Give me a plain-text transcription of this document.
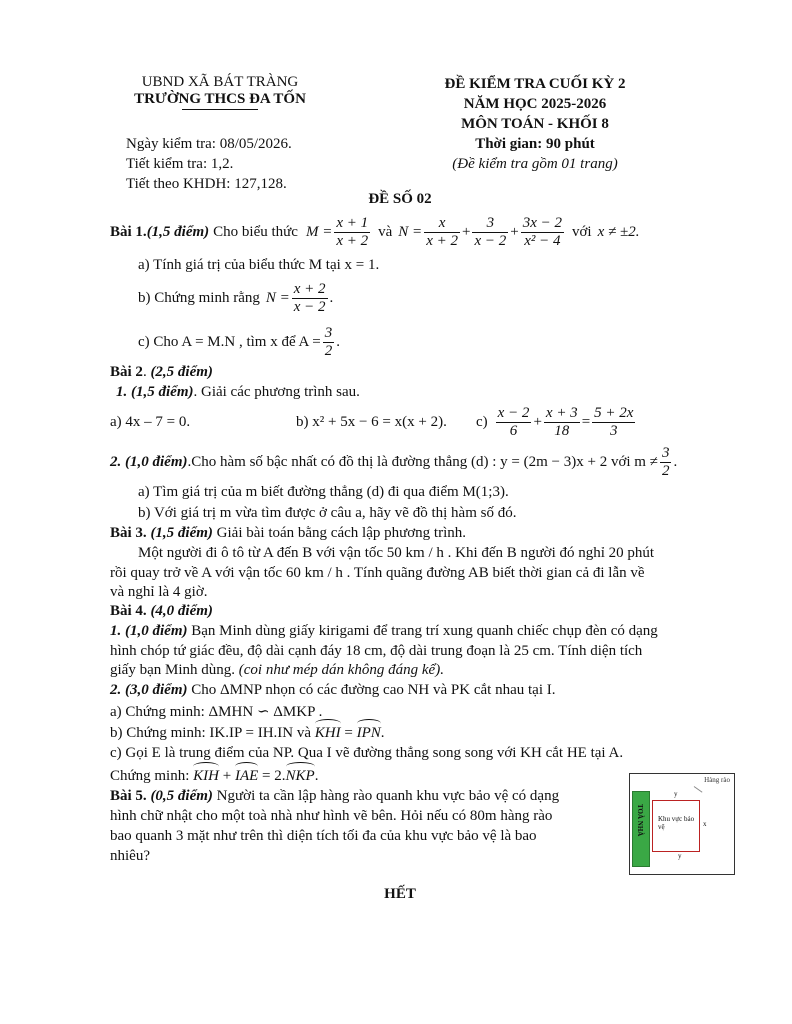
UBND XÃ BÁT TRÀNG
TRƯỜNG THCS ĐA TỐN
ĐỀ KIỂM TRA CUỐI KỲ 2
NĂM HỌC 2025-2026
MÔN TOÁN - KHỐI 8
Thời gian: 90 phút
(Đề kiểm tra gồm 01 trang)
Ngày kiểm tra: 08/05/2026.
Tiết kiểm tra: 1,2.
Tiết theo KHDH: 127,128.
ĐỀ SỐ 02
Bài 1. (1,5 điểm) Cho biểu thức $M = \frac{x + 1}{x + 2}$ và $N = \frac{x}{x + 2}$ +
3
x − 2
+
3x − 2
x² − 4
với x ≠ ±2.
a) Tính giá trị của biểu thức M tại x = 1.
b) Chứng minh rằng $N = \frac{x + 2}{x - 2}$ .
c) Cho A = M.N , tìm x để $A = \frac{3}{2}$ .
Bài 2. (2,5 điểm)
1. (1,5 điểm). Giải các phương trình sau.
a) 4x – 7 = 0.	b) x² + 5x − 6 = x(x + 2).	c)
x − 2
6
+
x + 3
18
=
5 + 2x
3
2. (1,0 điểm) .Cho hàm số bậc nhất có đồ thị là đường thẳng (d) : y = (2m − 3)x + 2 với m ≠
3
2
.
a) Tìm giá trị của m biết đường thẳng (d) đi qua điểm M(1;3).
b) Với giá trị m vừa tìm được ở câu a, hãy vẽ đồ thị hàm số đó.
Bài 3. (1,5 điểm) Giải bài toán bằng cách lập phương trình.
Một người đi ô tô từ A đến B với vận tốc 50 km / h . Khi đến B người đó nghỉ 20 phút
rồi quay trở về A với vận tốc 60 km / h . Tính quãng đường AB biết thời gian cả đi lẫn về
và nghỉ là 4 giờ.
Bài 4. (4,0 điểm)
1. (1,0 điểm) Bạn Minh dùng giấy kirigami để trang trí xung quanh chiếc chụp đèn có dạng
hình chóp tứ giác đều, độ dài cạnh đáy 18 cm, độ dài trung đoạn là 25 cm. Tính diện tích
giấy bạn Minh dùng. (coi như mép dán không đáng kể).
2. (3,0 điểm) Cho ΔMNP nhọn có các đường cao NH và PK cắt nhau tại I.
a) Chứng minh: ΔMHN ∽ ΔMKP .
b) Chứng minh: IK.IP = IH.IN và KHI = IPN.
c) Gọi E là trung điểm của NP. Qua I vẽ đường thẳng song song với KH cắt HE tại A.
Chứng minh: KIH + IAE = 2.NKP.
Bài 5. (0,5 điểm) Người ta cần lập hàng rào quanh khu vực bảo vệ có dạng
hình chữ nhật cho một toà nhà như hình vẽ bên. Hỏi nếu có 80m hàng rào
bao quanh 3 mặt như trên thì diện tích tối đa của khu vực bảo vệ là bao
nhiêu?
Hàng rào
TOÀ NHÀ Khu vực bảo vệ
y
x
y
HẾT
